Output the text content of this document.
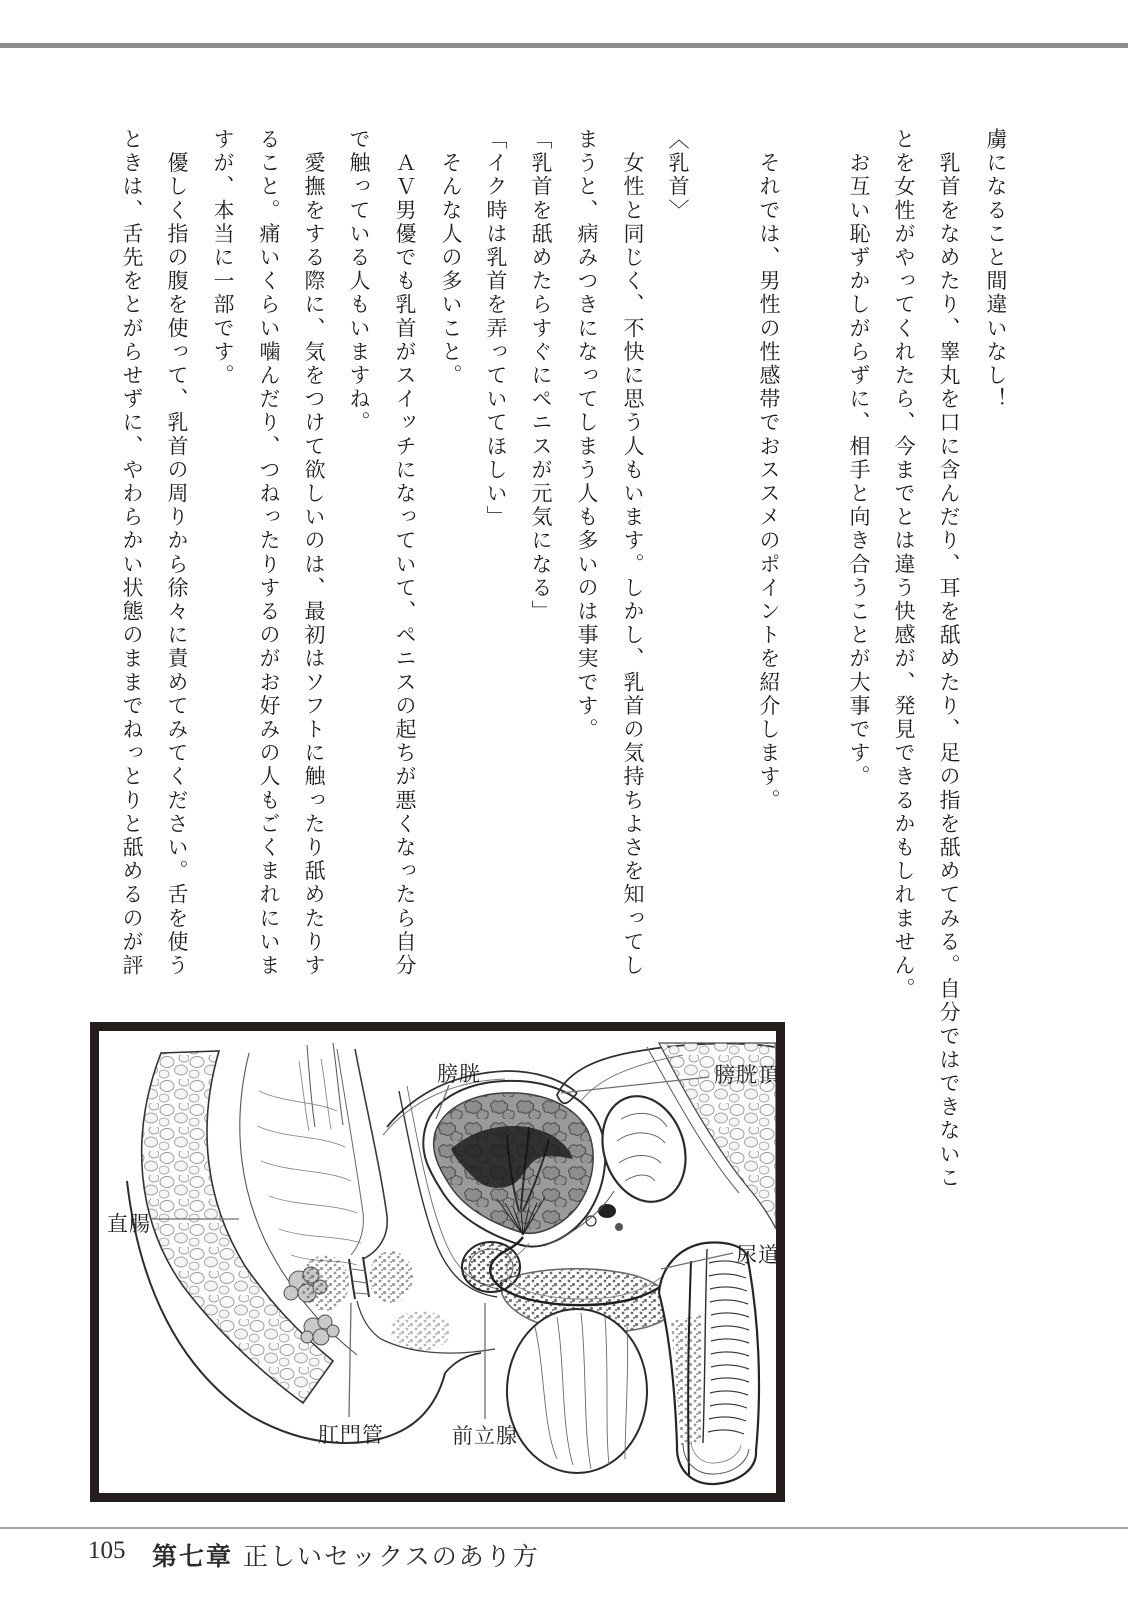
虜になること間違いなし！
　乳首をなめたり、睾丸を口に含んだり、耳を舐めたり、足の指を舐めてみる。自分ではできないこ
とを女性がやってくれたら、今までとは違う快感が、発見できるかもしれません。
　お互い恥ずかしがらずに、相手と向き合うことが大事です。
　それでは、男性の性感帯でおススメのポイントを紹介します。
〈乳首〉
　女性と同じく、不快に思う人もいます。しかし、乳首の気持ちよさを知ってし
まうと、病みつきになってしまう人も多いのは事実です。
「乳首を舐めたらすぐにペニスが元気になる」
「イク時は乳首を弄っていてほしい」
　そんな人の多いこと。
　ＡＶ男優でも乳首がスイッチになっていて、ペニスの起ちが悪くなったら自分
で触っている人もいますね。
　愛撫をする際に、気をつけて欲しいのは、最初はソフトに触ったり舐めたりす
ること。痛いくらい噛んだり、つねったりするのがお好みの人もごくまれにいま
すが、本当に一部です。
　優しく指の腹を使って、乳首の周りから徐々に責めてみてください。舌を使う
ときは、舌先をとがらせずに、やわらかい状態のままでねっとりと舐めるのが評
膀胱	膀胱頂
直腸
尿道
肛門管	前立腺
105 第七章 正しいセックスのあり方
